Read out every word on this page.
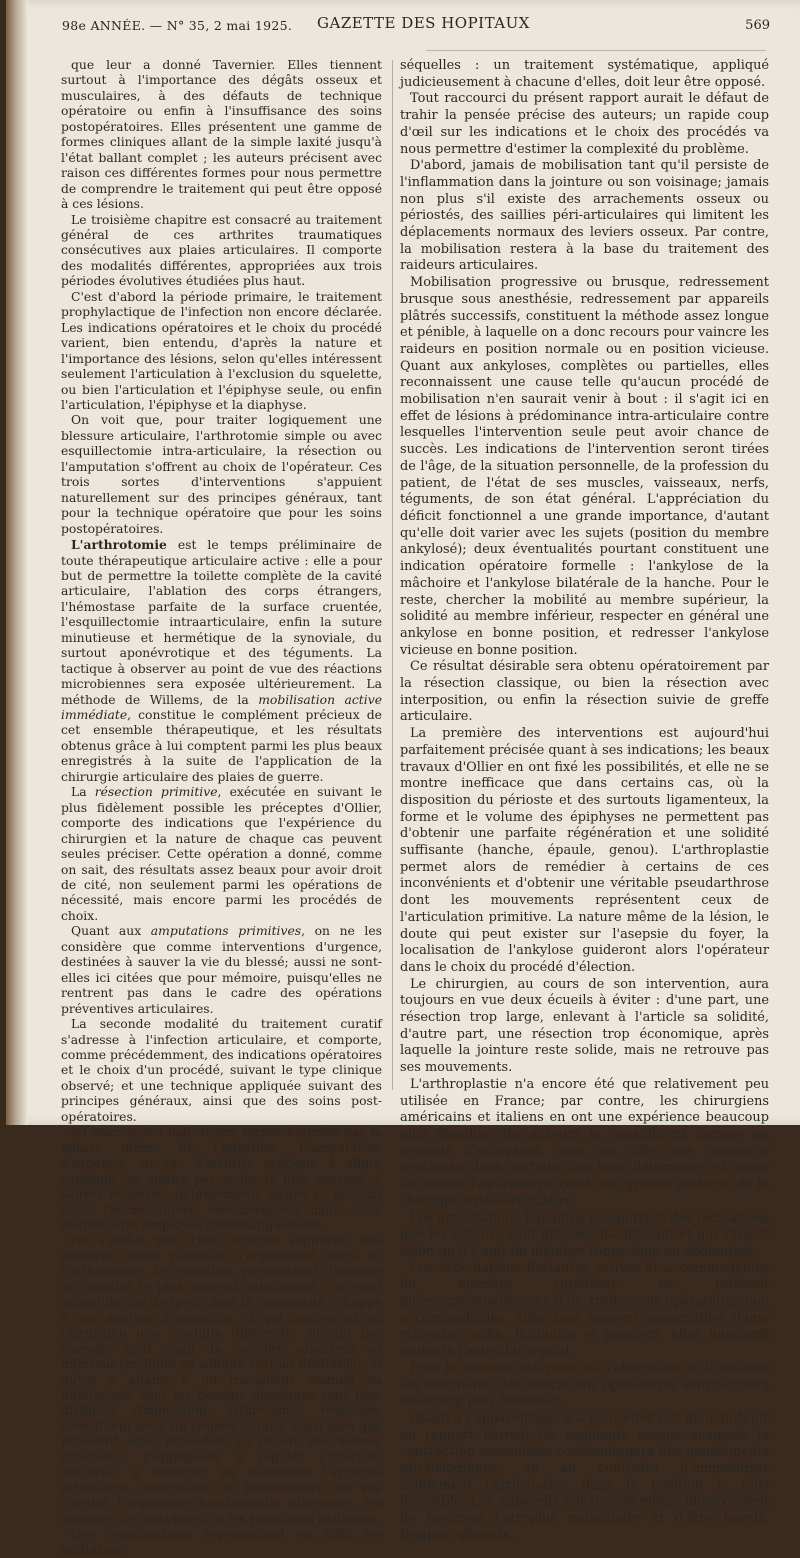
98e ANNÉE. — N° 35, 2 mai 1925. GAZETTE DES HOPITAUX	569

que leur a donné Tavernier. Elles tiennent surtout à l'importance des dégâts osseux et musculaires, à des défauts de technique opératoire ou enfin à l'insuffisance des soins postopératoires. Elles présentent une gamme de formes cliniques allant de la simple laxité jusqu'à l'état ballant complet ; les auteurs précisent avec raison ces différentes formes pour nous permettre de comprendre le traitement qui peut être opposé à ces lésions.

Le troisième chapitre est consacré au traitement général de ces arthrites traumatiques consécutives aux plaies articulaires. Il comporte des modalités différentes, appropriées aux trois périodes évolutives étudiées plus haut.

C'est d'abord la période primaire, le traitement prophylactique de l'infection non encore déclarée. Les indications opératoires et le choix du procédé varient, bien entendu, d'après la nature et l'importance des lésions, selon qu'elles intéressent seulement l'articulation à l'exclusion du squelette, ou bien l'articulation et l'épiphyse seule, ou enfin l'articulation, l'épiphyse et la diaphyse.

On voit que, pour traiter logiquement une blessure articulaire, l'arthrotomie simple ou avec esquillectomie intra-articulaire, la résection ou l'amputation s'offrent au choix de l'opérateur. Ces trois sortes d'interventions s'appuient naturellement sur des principes généraux, tant pour la technique opératoire que pour les soins postopératoires.

L'arthrotomie est le temps préliminaire de toute thérapeutique articulaire active : elle a pour but de permettre la toilette complète de la cavité articulaire, l'ablation des corps étrangers, l'hémostase parfaite de la surface cruentée, l'esquillectomie intraarticulaire, enfin la suture minutieuse et hermétique de la synoviale, du surtout aponévrotique et des téguments. La tactique à observer au point de vue des réactions microbiennes sera exposée ultérieurement. La méthode de Willems, de la mobilisation active immédiate, constitue le complément précieux de cet ensemble thérapeutique, et les résultats obtenus grâce à lui comptent parmi les plus beaux enregistrés à la suite de l'application de la chirurgie articulaire des plaies de guerre.

La résection primitive, exécutée en suivant le plus fidèlement possible les préceptes d'Ollier, comporte des indications que l'expérience du chirurgien et la nature de chaque cas peuvent seules préciser. Cette opération a donné, comme on sait, des résultats assez beaux pour avoir droit de cité, non seulement parmi les opérations de nécessité, mais encore parmi les procédés de choix.

Quant aux amputations primitives, on ne les considère que comme interventions d'urgence, destinées à sauver la vie du blessé; aussi ne sont-elles ici citées que pour mémoire, puisqu'elles ne rentrent pas dans le cadre des opérations préventives articulaires.

La seconde modalité du traitement curatif s'adresse à l'infection articulaire, et comporte, comme précédemment, des indications opératoires et le choix d'un procédé, suivant le type clinique observé; et une technique appliquée suivant des principes généraux, ainsi que des soins post-opératoires.

Ici encore, les indications seront fournies par la nature même de l'infection. L'amputation d'urgence, en cas d'arthrite septique à allure suraiguë, ne suffira pas seule, le plus souvent, à sauver le blessé; débridements larges au bistouri et au thermocautère, sérothérapie à haute dose devront être employés systématiquement.

Ne s'agit-il que d'une arthrite suppurée, des mesures moins radicales s'imposeront alors, et l'arthrotomie, la résection, permettront d'obtenir un résultat le plus souvent satisfaisant : ce sont autant de cas d'espèce dont la complexité échappe à une analyse d'ensemble, et qui inspireront au chirurgien une conduite différente, suivant par exemple qu'il s'agit du membre supérieur ou inférieur (mobilité ou solidité surtout désirable), et qu'on a affaire à un travailleur manuel ou intellectuel dont les besoins physiques sont bien distincts. Amputation, arthrotomie, résection, constituent donc un trépied curatif, aussi bien que préventif; elles procèdent ici encore des mêmes directions, s'appliquent à juguler l'infection déclarée, à ménager au maximum l'appareil articulaire, musculaire, et ligamenteux, en vue d'éviter l'impotence fonctionnelle ultérieure, les raideurs, les ankyloses, et les résections ballantes.

Ces complications représentent en effet les véritables

séquelles : un traitement systématique, appliqué judicieusement à chacune d'elles, doit leur être opposé.

Tout raccourci du présent rapport aurait le défaut de trahir la pensée précise des auteurs; un rapide coup d'œil sur les indications et le choix des procédés va nous permettre d'estimer la complexité du problème.

D'abord, jamais de mobilisation tant qu'il persiste de l'inflammation dans la jointure ou son voisinage; jamais non plus s'il existe des arrachements osseux ou périostés, des saillies péri-articulaires qui limitent les déplacements normaux des leviers osseux. Par contre, la mobilisation restera à la base du traitement des raideurs articulaires.

Mobilisation progressive ou brusque, redressement brusque sous anesthésie, redressement par appareils plâtrés successifs, constituent la méthode assez longue et pénible, à laquelle on a donc recours pour vaincre les raideurs en position normale ou en position vicieuse. Quant aux ankyloses, complètes ou partielles, elles reconnaissent une cause telle qu'aucun procédé de mobilisation n'en saurait venir à bout : il s'agit ici en effet de lésions à prédominance intra-articulaire contre lesquelles l'intervention seule peut avoir chance de succès. Les indications de l'intervention seront tirées de l'âge, de la situation personnelle, de la profession du patient, de l'état de ses muscles, vaisseaux, nerfs, téguments, de son état général. L'appréciation du déficit fonctionnel a une grande importance, d'autant qu'elle doit varier avec les sujets (position du membre ankylosé); deux éventualités pourtant constituent une indication opératoire formelle : l'ankylose de la mâchoire et l'ankylose bilatérale de la hanche. Pour le reste, chercher la mobilité au membre supérieur, la solidité au membre inférieur, respecter en général une ankylose en bonne position, et redresser l'ankylose vicieuse en bonne position.

Ce résultat désirable sera obtenu opératoirement par la résection classique, ou bien la résection avec interposition, ou enfin la résection suivie de greffe articulaire.

La première des interventions est aujourd'hui parfaitement précisée quant à ses indications; les beaux travaux d'Ollier en ont fixé les possibilités, et elle ne se montre inefficace que dans certains cas, où la disposition du périoste et des surtouts ligamenteux, la forme et le volume des épiphyses ne permettent pas d'obtenir une parfaite régénération et une solidité suffisante (hanche, épaule, genou). L'arthroplastie permet alors de remédier à certains de ces inconvénients et d'obtenir une véritable pseudarthrose dont les mouvements représentent ceux de l'articulation primitive. La nature même de la lésion, le doute qui peut exister sur l'asepsie du foyer, la localisation de l'ankylose guideront alors l'opérateur dans le choix du procédé d'élection.

Le chirurgien, au cours de son intervention, aura toujours en vue deux écueils à éviter : d'une part, une résection trop large, enlevant à l'article sa solidité, d'autre part, une résection trop économique, après laquelle la jointure reste solide, mais ne retrouve pas ses mouvements.

L'arthroplastie n'a encore été que relativement peu utilisée en France; par contre, les chirurgiens américains et italiens en ont une expérience beaucoup plus étendue; les auteurs la considèrent comme un procédé d'exception, mais qui offre une ressource précieuse dans certains cas bien déterminés et entre les mains d'opérateurs ayant une grande pratique de la chirurgie ostéo-articulaire.

Les articulations ballantes comportent des indications que les auteurs vont préciser maintenant et qui varient selon qu'il s'agit du membre thoracique ou abdominal.

Les articulations flottantes actives et accommodables du membre supérieur ne relèvent qu'exceptionnellement d'un traitement opératoire; non accommodables, elles sont souvent susceptibles d'une retouche; enfin, flottantes et passives, elles imposent toujours l'acte chirurgical.

Pour le membre inférieur, où l'obligation de la solidité est dominante, les indications opératoires sont toujours beaucoup plus étendues.

Quant à l'appareillage, il a pour effet soit de maintenir en rapport normal les segments osseux auxquels la contraction musculaire communiquera des mouvements physiologiques, ou au contraire d'immobiliser solidement l'articulation dans la position la plus favorable. Les appareils ont tous le même inconvénient de favoriser l'atrophie musculaire et d'être lourds, fragiles, gênants.
